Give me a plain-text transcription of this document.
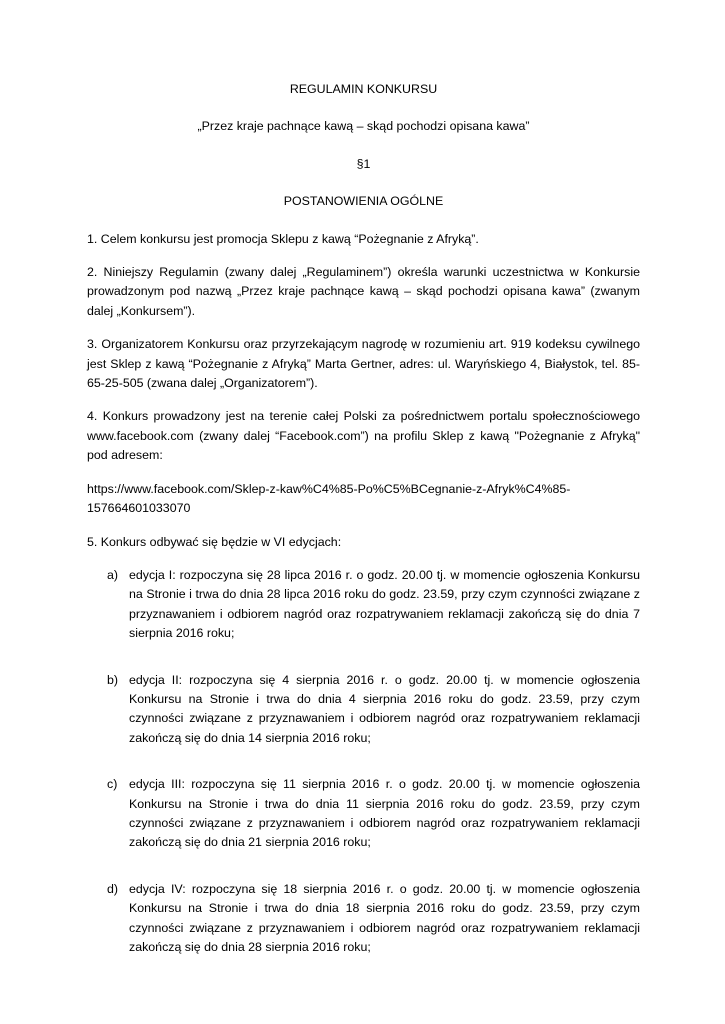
REGULAMIN KONKURSU

„Przez kraje pachnące kawą – skąd pochodzi opisana kawa”

§1

POSTANOWIENIA OGÓLNE

1. Celem konkursu jest promocja Sklepu z kawą “Pożegnanie z Afryką”.

2. Niniejszy Regulamin (zwany dalej „Regulaminem”) określa warunki uczestnictwa w Konkursie prowadzonym pod nazwą „Przez kraje pachnące kawą – skąd pochodzi opisana kawa” (zwanym dalej „Konkursem”).

3. Organizatorem Konkursu oraz przyrzekającym nagrodę w rozumieniu art. 919 kodeksu cywilnego jest Sklep z kawą “Pożegnanie z Afryką” Marta Gertner, adres: ul. Waryńskiego 4, Białystok, tel. 85-65-25-505 (zwana dalej „Organizatorem”).

4. Konkurs prowadzony jest na terenie całej Polski za pośrednictwem portalu społecznościowego www.facebook.com (zwany dalej “Facebook.com”) na profilu Sklep z kawą "Pożegnanie z Afryką" pod adresem:

https://www.facebook.com/Sklep-z-kaw%C4%85-Po%C5%BCegnanie-z-Afryk%C4%85-157664601033070

5. Konkurs odbywać się będzie w VI edycjach:

a) edycja I: rozpoczyna się 28 lipca 2016 r. o godz. 20.00 tj. w momencie ogłoszenia Konkursu na Stronie i trwa do dnia 28 lipca 2016 roku do godz. 23.59, przy czym czynności związane z przyznawaniem i odbiorem nagród oraz rozpatrywaniem reklamacji zakończą się do dnia 7 sierpnia 2016 roku;
b) edycja II: rozpoczyna się 4 sierpnia 2016 r. o godz. 20.00 tj. w momencie ogłoszenia Konkursu na Stronie i trwa do dnia 4 sierpnia 2016 roku do godz. 23.59, przy czym czynności związane z przyznawaniem i odbiorem nagród oraz rozpatrywaniem reklamacji zakończą się do dnia 14 sierpnia 2016 roku;
c) edycja III: rozpoczyna się 11 sierpnia 2016 r. o godz. 20.00 tj. w momencie ogłoszenia Konkursu na Stronie i trwa do dnia 11 sierpnia 2016 roku do godz. 23.59, przy czym czynności związane z przyznawaniem i odbiorem nagród oraz rozpatrywaniem reklamacji zakończą się do dnia 21 sierpnia 2016 roku;
d) edycja IV: rozpoczyna się 18 sierpnia 2016 r. o godz. 20.00 tj. w momencie ogłoszenia Konkursu na Stronie i trwa do dnia 18 sierpnia 2016 roku do godz. 23.59, przy czym czynności związane z przyznawaniem i odbiorem nagród oraz rozpatrywaniem reklamacji zakończą się do dnia 28 sierpnia 2016 roku;
